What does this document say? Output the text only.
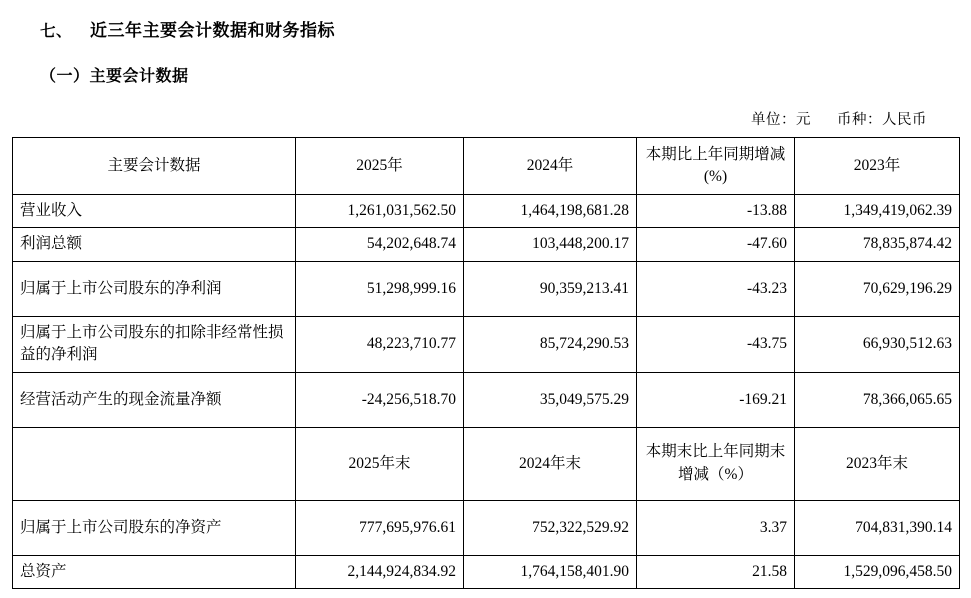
七、 近三年主要会计数据和财务指标
（一）主要会计数据
单位：元 币种：人民币
主要会计数据	2025年	2024年	本期比上年同期增减(%)	2023年
营业收入	1,261,031,562.50	1,464,198,681.28	-13.88	1,349,419,062.39
利润总额	54,202,648.74	103,448,200.17	-47.60	78,835,874.42
归属于上市公司股东的净利润	51,298,999.16	90,359,213.41	-43.23	70,629,196.29
归属于上市公司股东的扣除非经常性损益的净利润	48,223,710.77	85,724,290.53	-43.75	66,930,512.63
经营活动产生的现金流量净额	-24,256,518.70	35,049,575.29	-169.21	78,366,065.65
	2025年末	2024年末	本期末比上年同期末增减（%）	2023年末
归属于上市公司股东的净资产	777,695,976.61	752,322,529.92	3.37	704,831,390.14
总资产	2,144,924,834.92	1,764,158,401.90	21.58	1,529,096,458.50
